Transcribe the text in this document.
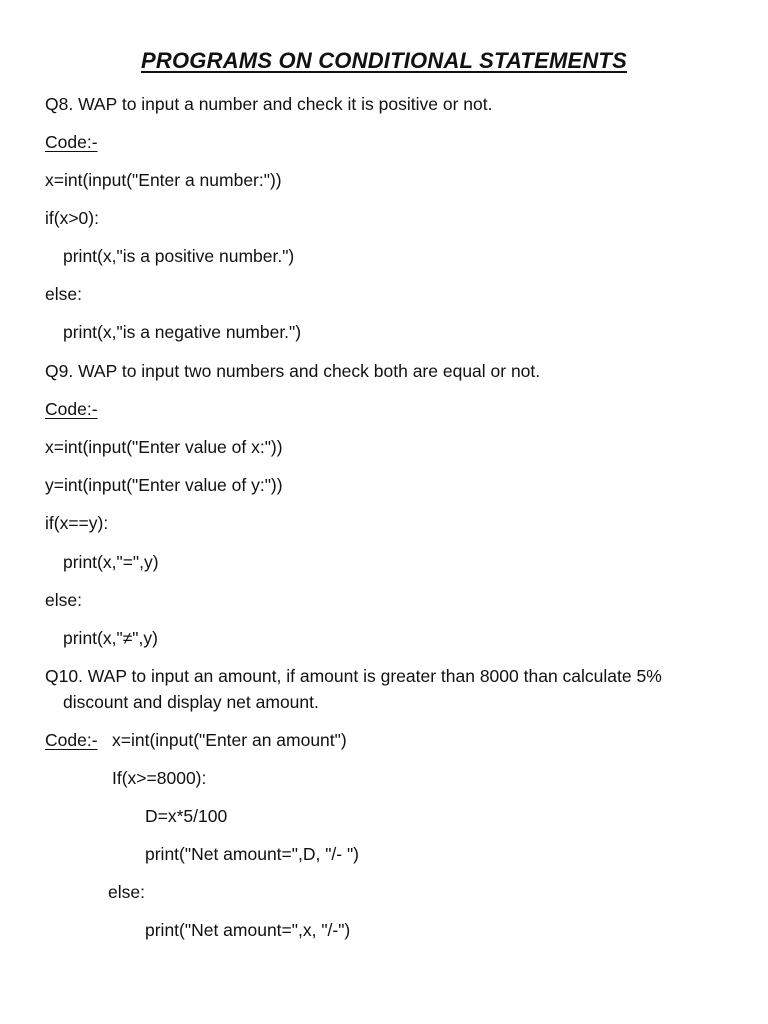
PROGRAMS ON CONDITIONAL STATEMENTS
Q8. WAP to input a number and check it is positive or not.
Code:-
x=int(input("Enter a number:"))
if(x>0):
print(x,"is a positive number.")
else:
print(x,"is a negative number.")
Q9. WAP to input two numbers and check both are equal or not.
Code:-
x=int(input("Enter value of x:"))
y=int(input("Enter value of y:"))
if(x==y):
print(x,"=",y)
else:
print(x,"≠",y)
Q10. WAP to input an amount, if amount is greater than 8000 than calculate 5%
discount and display net amount.
Code:- x=int(input("Enter an amount")
If(x>=8000):
D=x*5/100
print("Net amount=",D, "/- ")
else:
print("Net amount=",x, "/-")
